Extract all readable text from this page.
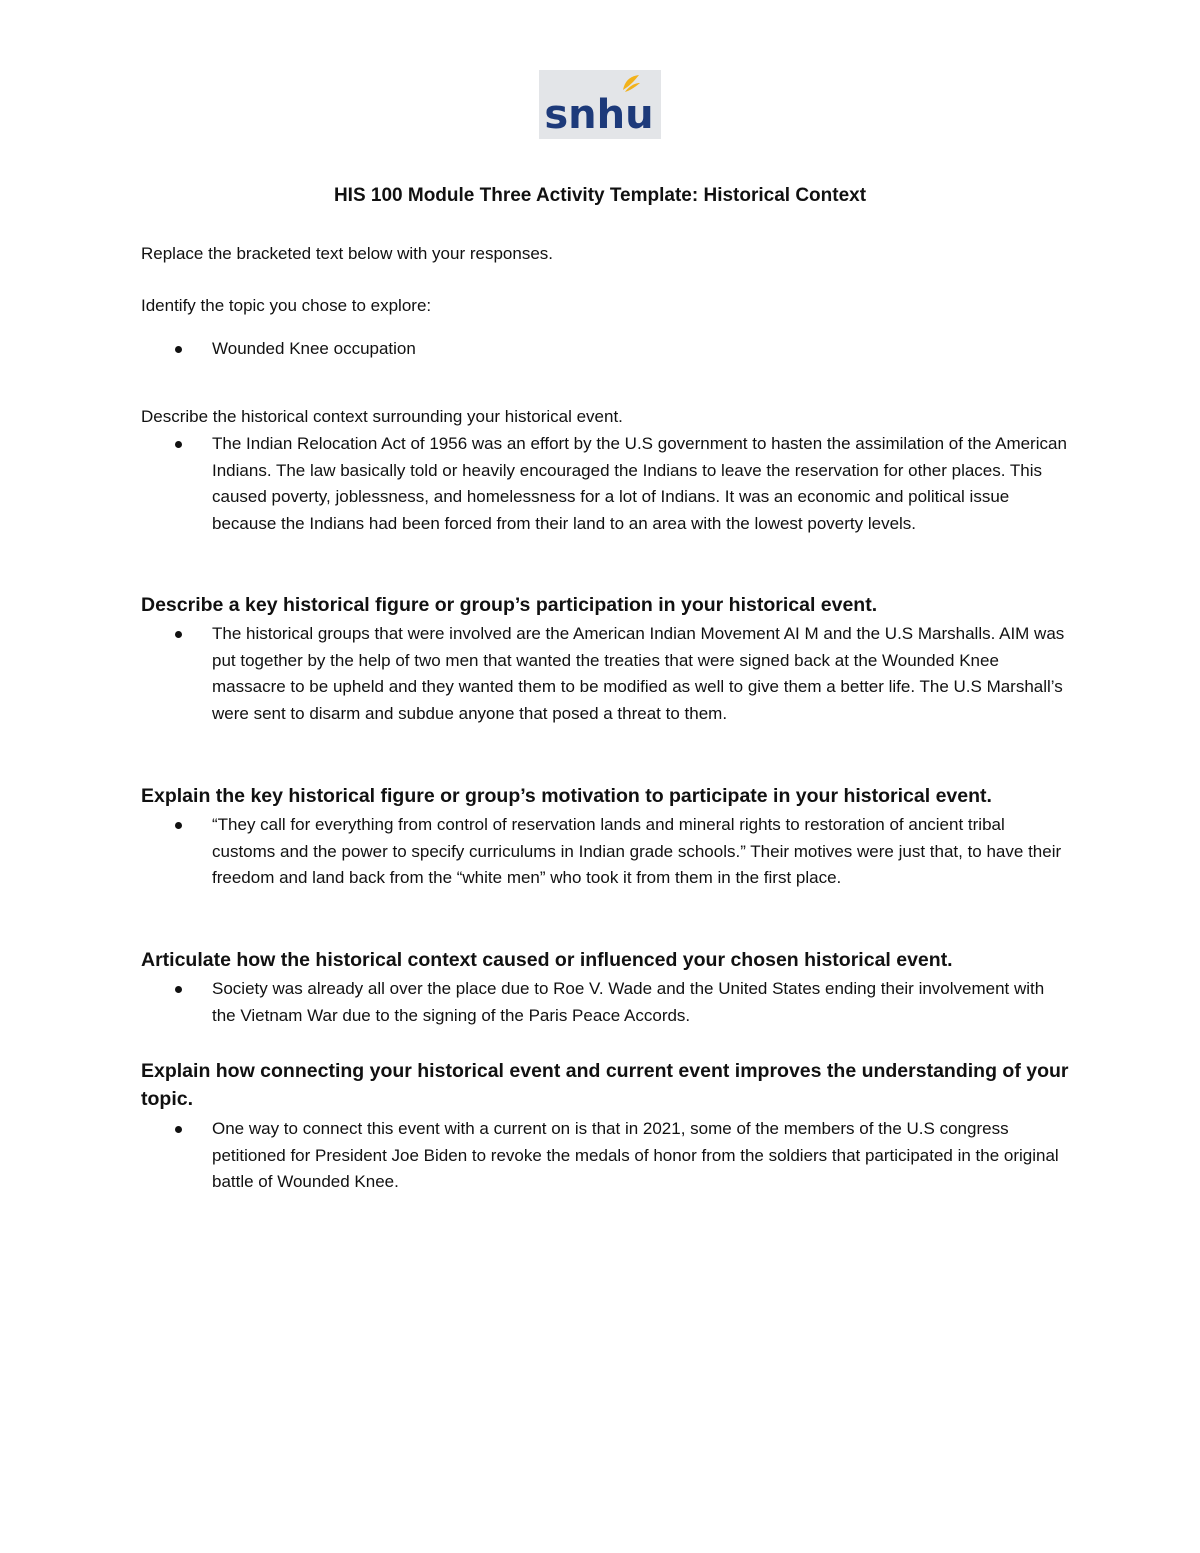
snhu
HIS 100 Module Three Activity Template: Historical Context

Replace the bracketed text below with your responses.

Identify the topic you chose to explore:

Wounded Knee occupation

Describe the historical context surrounding your historical event.

The Indian Relocation Act of 1956 was an effort by the U.S government to hasten the assimilation of the American Indians. The law basically told or heavily encouraged the Indians to leave the reservation for other places. This caused poverty, joblessness, and homelessness for a lot of Indians. It was an economic and political issue because the Indians had been forced from their land to an area with the lowest poverty levels.

Describe a key historical figure or group’s participation in your historical event.

The historical groups that were involved are the American Indian Movement AI M and the U.S Marshalls. AIM was put together by the help of two men that wanted the treaties that were signed back at the Wounded Knee massacre to be upheld and they wanted them to be modified as well to give them a better life. The U.S Marshall’s were sent to disarm and subdue anyone that posed a threat to them.

Explain the key historical figure or group’s motivation to participate in your historical event.

“They call for everything from control of reservation lands and mineral rights to restoration of ancient tribal customs and the power to specify curriculums in Indian grade schools.” Their motives were just that, to have their freedom and land back from the “white men” who took it from them in the first place.

Articulate how the historical context caused or influenced your chosen historical event.

Society was already all over the place due to Roe V. Wade and the United States ending their involvement with the Vietnam War due to the signing of the Paris Peace Accords.

Explain how connecting your historical event and current event improves the understanding of your topic.

One way to connect this event with a current on is that in 2021, some of the members of the U.S congress petitioned for President Joe Biden to revoke the medals of honor from the soldiers that participated in the original battle of Wounded Knee.
